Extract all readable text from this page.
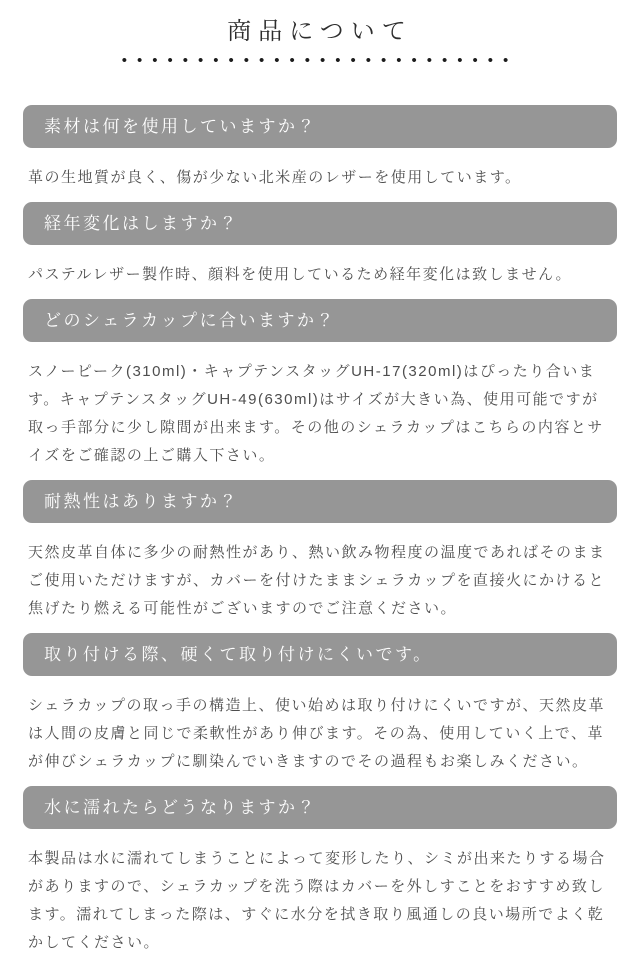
商品について
••••••••••••••••••••••••••
素材は何を使用していますか？

革の生地質が良く、傷が少ない北米産のレザーを使用しています。

経年変化はしますか？

パステルレザー製作時、顔料を使用しているため経年変化は致しません。

どのシェラカップに合いますか？

スノーピーク(310ml)・キャプテンスタッグUH-17(320ml)はぴったり合います。キャプテンスタッグUH-49(630ml)はサイズが大きい為、使用可能ですが取っ手部分に少し隙間が出来ます。その他のシェラカップはこちらの内容とサイズをご確認の上ご購入下さい。

耐熱性はありますか？

天然皮革自体に多少の耐熱性があり、熱い飲み物程度の温度であればそのままご使用いただけますが、カバーを付けたままシェラカップを直接火にかけると焦げたり燃える可能性がございますのでご注意ください。

取り付ける際、硬くて取り付けにくいです。

シェラカップの取っ手の構造上、使い始めは取り付けにくいですが、天然皮革は人間の皮膚と同じで柔軟性があり伸びます。その為、使用していく上で、革が伸びシェラカップに馴染んでいきますのでその過程もお楽しみください。

水に濡れたらどうなりますか？

本製品は水に濡れてしまうことによって変形したり、シミが出来たりする場合がありますので、シェラカップを洗う際はカバーを外しすことをおすすめ致します。濡れてしまった際は、すぐに水分を拭き取り風通しの良い場所でよく乾かしてください。
